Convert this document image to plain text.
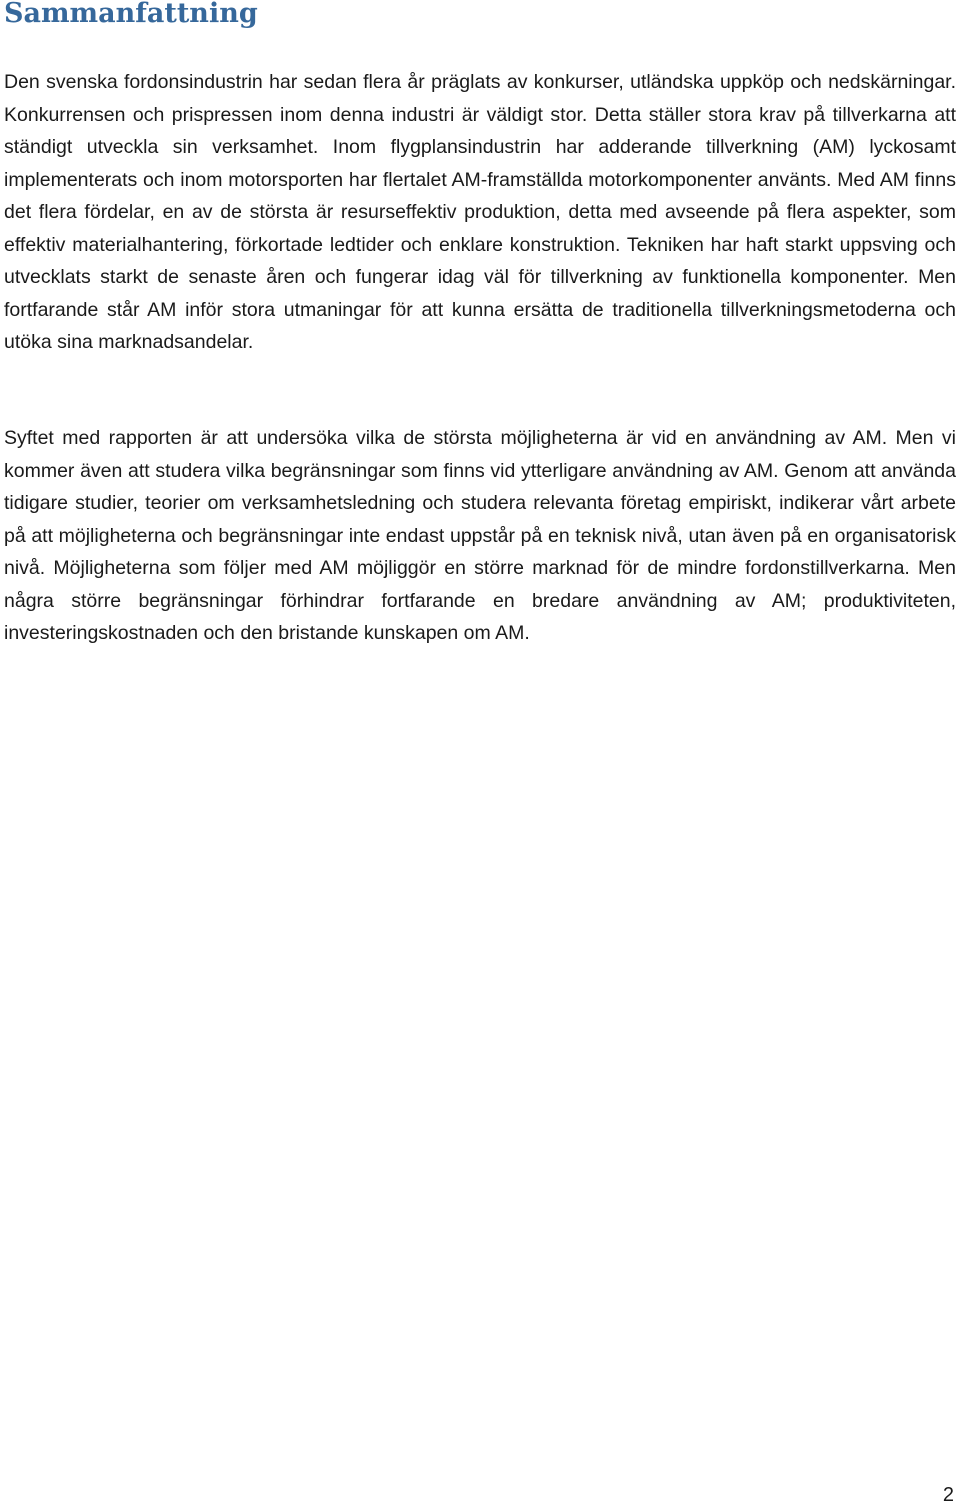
Sammanfattning

Den svenska fordonsindustrin har sedan flera år präglats av konkurser, utländska uppköp och nedskärningar. Konkurrensen och prispressen inom denna industri är väldigt stor. Detta ställer stora krav på tillverkarna att ständigt utveckla sin verksamhet. Inom flygplansindustrin har adderande tillverkning (AM) lyckosamt implementerats och inom motorsporten har flertalet AM-framställda motorkomponenter använts. Med AM finns det flera fördelar, en av de största är resurseffektiv produktion, detta med avseende på flera aspekter, som effektiv materialhantering, förkortade ledtider och enklare konstruktion. Tekniken har haft starkt uppsving och utvecklats starkt de senaste åren och fungerar idag väl för tillverkning av funktionella komponenter. Men fortfarande står AM inför stora utmaningar för att kunna ersätta de traditionella tillverkningsmetoderna och utöka sina marknadsandelar.

Syftet med rapporten är att undersöka vilka de största möjligheterna är vid en användning av AM. Men vi kommer även att studera vilka begränsningar som finns vid ytterligare användning av AM. Genom att använda tidigare studier, teorier om verksamhetsledning och studera relevanta företag empiriskt, indikerar vårt arbete på att möjligheterna och begränsningar inte endast uppstår på en teknisk nivå, utan även på en organisatorisk nivå. Möjligheterna som följer med AM möjliggör en större marknad för de mindre fordonstillverkarna. Men några större begränsningar förhindrar fortfarande en bredare användning av AM; produktiviteten, investeringskostnaden och den bristande kunskapen om AM.

2
